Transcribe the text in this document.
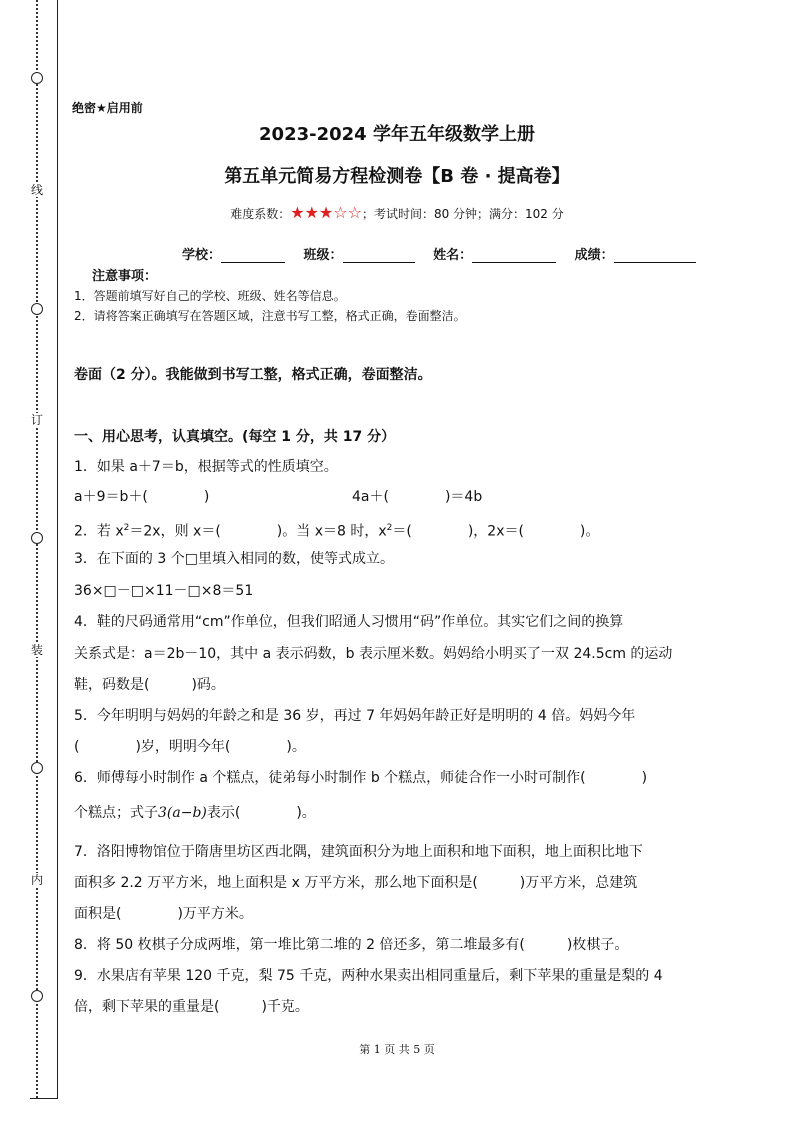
线
订
装
内
绝密★启用前
2023-2024 学年五年级数学上册
第五单元简易方程检测卷【B 卷 · 提高卷】
难度系数：★★★☆☆；考试时间：80 分钟；满分：102 分
学校：	班级：	姓名：	成绩：
注意事项：
1．答题前填写好自己的学校、班级、姓名等信息。
2．请将答案正确填写在答题区域，注意书写工整，格式正确，卷面整洁。
卷面（2 分）。我能做到书写工整，格式正确，卷面整洁。
一、用心思考，认真填空。(每空 1 分，共 17 分）
1．如果 a＋7＝b，根据等式的性质填空。
a＋9＝b＋(　　　　)	4a＋(　　　　)＝4b
2．若 $x^2=2x$，则 x＝(　　　　)。当 x＝8 时，$x^2=$(　　　　)，2x＝(　　　　)。
3．在下面的 3 个□里填入相同的数，使等式成立。
36×□－□×11－□×8＝51
4．鞋的尺码通常用“cm”作单位，但我们昭通人习惯用“码”作单位。其实它们之间的换算
关系式是：a＝2b－10，其中 a 表示码数，b 表示厘米数。妈妈给小明买了一双 24.5cm 的运动
鞋，码数是(　　　)码。
5．今年明明与妈妈的年龄之和是 36 岁，再过 7 年妈妈年龄正好是明明的 4 倍。妈妈今年
(　　　　)岁，明明今年(　　　　)。
6．师傅每小时制作 a 个糕点，徒弟每小时制作 b 个糕点，师徒合作一小时可制作(　　　　)
个糕点；式子3(a−b)表示(　　　　)。
7．洛阳博物馆位于隋唐里坊区西北隅，建筑面积分为地上面积和地下面积，地上面积比地下
面积多 2.2 万平方米，地上面积是 x 万平方米，那么地下面积是(　　　)万平方米，总建筑
面积是(　　　　)万平方米。
8．将 50 枚棋子分成两堆，第一堆比第二堆的 2 倍还多，第二堆最多有(　　　)枚棋子。
9．水果店有苹果 120 千克，梨 75 千克，两种水果卖出相同重量后，剩下苹果的重量是梨的 4
倍，剩下苹果的重量是(　　　)千克。
第 1 页 共 5 页
